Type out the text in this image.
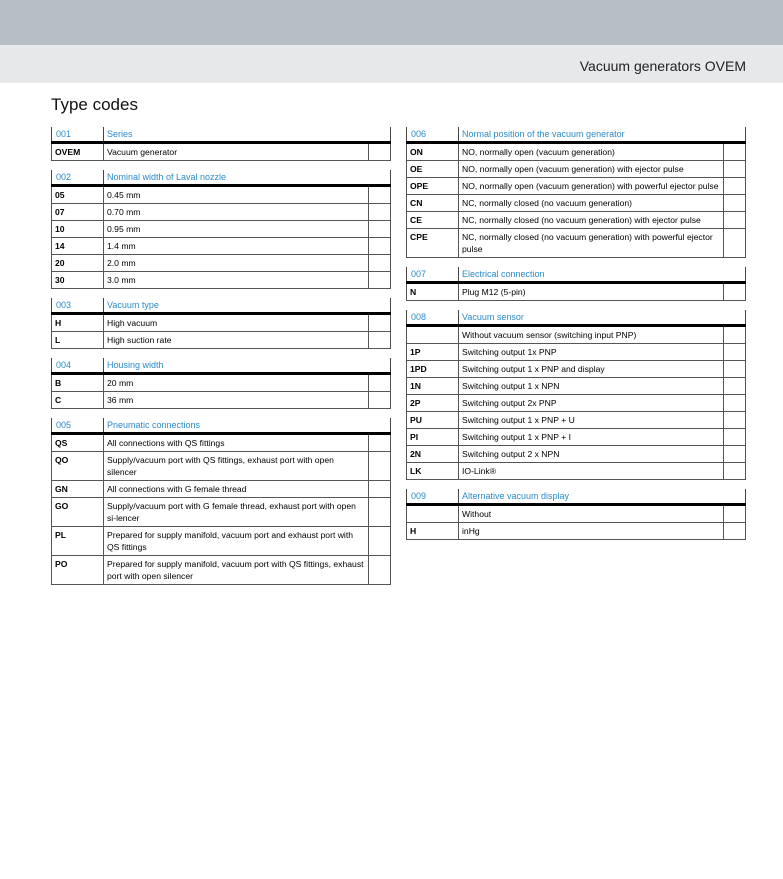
Vacuum generators OVEM
Type codes
001	Series
OVEM	Vacuum generator
002	Nominal width of Laval nozzle
05	0.45 mm
07	0.70 mm
10	0.95 mm
14	1.4 mm
20	2.0 mm
30	3.0 mm
003	Vacuum type
H	High vacuum
L	High suction rate
004	Housing width
B	20 mm
C	36 mm
005	Pneumatic connections
QS	All connections with QS fittings
QO	Supply/vacuum port with QS fittings, exhaust port with open silencer
GN	All connections with G female thread
GO	Supply/vacuum port with G female thread, exhaust port with open si-lencer
PL	Prepared for supply manifold, vacuum port and exhaust port with QS fittings
PO	Prepared for supply manifold, vacuum port with QS fittings, exhaust port with open silencer
006	Normal position of the vacuum generator
ON	NO, normally open (vacuum generation)
OE	NO, normally open (vacuum generation) with ejector pulse
OPE	NO, normally open (vacuum generation) with powerful ejector pulse
CN	NC, normally closed (no vacuum generation)
CE	NC, normally closed (no vacuum generation) with ejector pulse
CPE	NC, normally closed (no vacuum generation) with powerful ejector pulse
007	Electrical connection
N	Plug M12 (5-pin)
008	Vacuum sensor
Without vacuum sensor (switching input PNP)
1P	Switching output 1x PNP
1PD	Switching output 1 x PNP and display
1N	Switching output 1 x NPN
2P	Switching output 2x PNP
PU	Switching output 1 x PNP + U
PI	Switching output 1 x PNP + I
2N	Switching output 2 x NPN
LK	IO-Link®
009	Alternative vacuum display
Without
H	inHg
